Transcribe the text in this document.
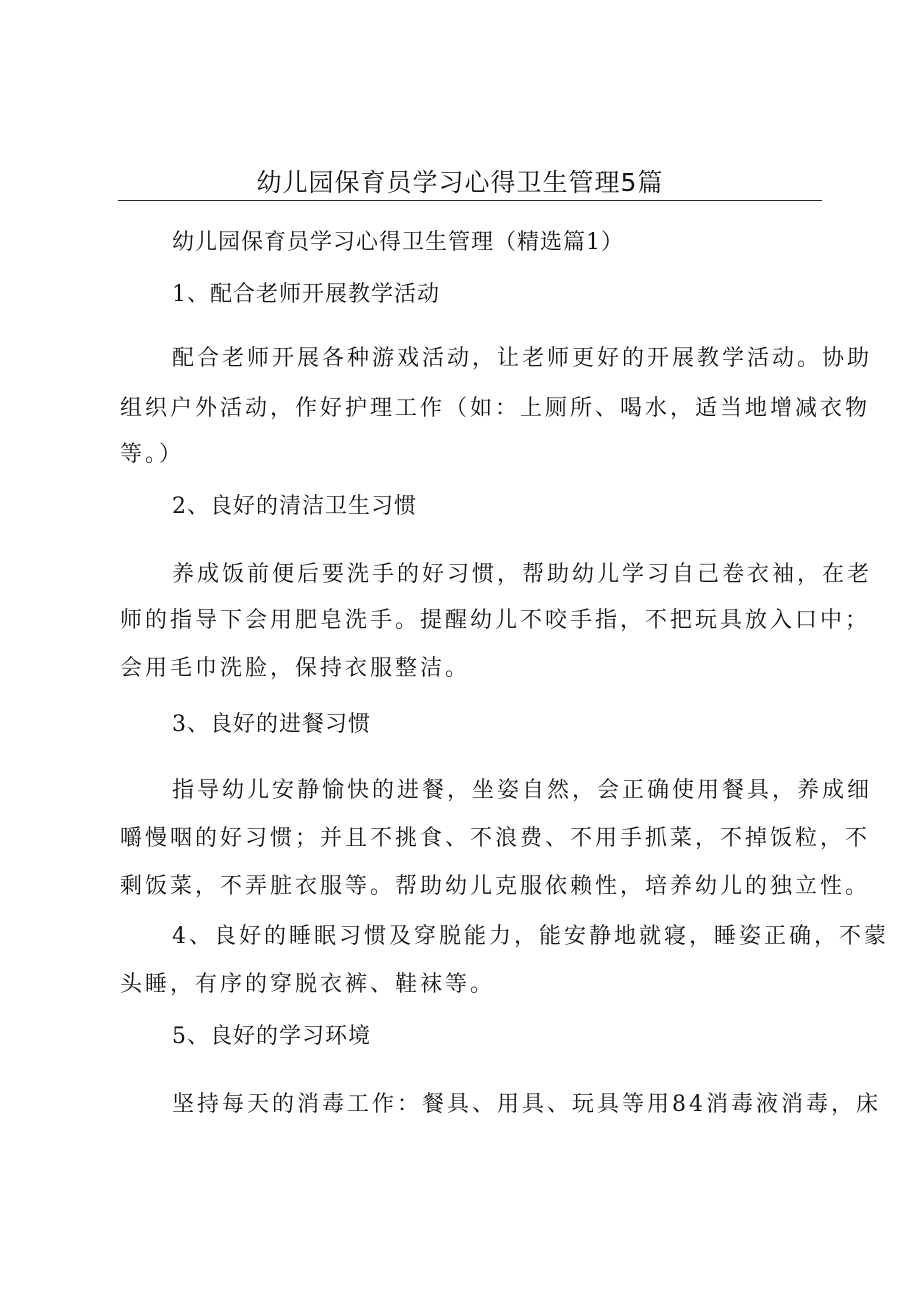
幼儿园保育员学习心得卫生管理5篇
幼儿园保育员学习心得卫生管理（精选篇1）
1、配合老师开展教学活动
配合老师开展各种游戏活动，让老师更好的开展教学活动。协助
组织户外活动，作好护理工作（如：上厕所、喝水，适当地增减衣物
等。）
2、良好的清洁卫生习惯
养成饭前便后要洗手的好习惯，帮助幼儿学习自己卷衣袖，在老
师的指导下会用肥皂洗手。提醒幼儿不咬手指，不把玩具放入口中；
会用毛巾洗脸，保持衣服整洁。
3、良好的进餐习惯
指导幼儿安静愉快的进餐，坐姿自然，会正确使用餐具，养成细
嚼慢咽的好习惯；并且不挑食、不浪费、不用手抓菜，不掉饭粒，不
剩饭菜，不弄脏衣服等。帮助幼儿克服依赖性，培养幼儿的独立性。
4、良好的睡眠习惯及穿脱能力，能安静地就寝，睡姿正确，不蒙
头睡，有序的穿脱衣裤、鞋袜等。
5、良好的学习环境
坚持每天的消毒工作：餐具、用具、玩具等用84消毒液消毒，床
